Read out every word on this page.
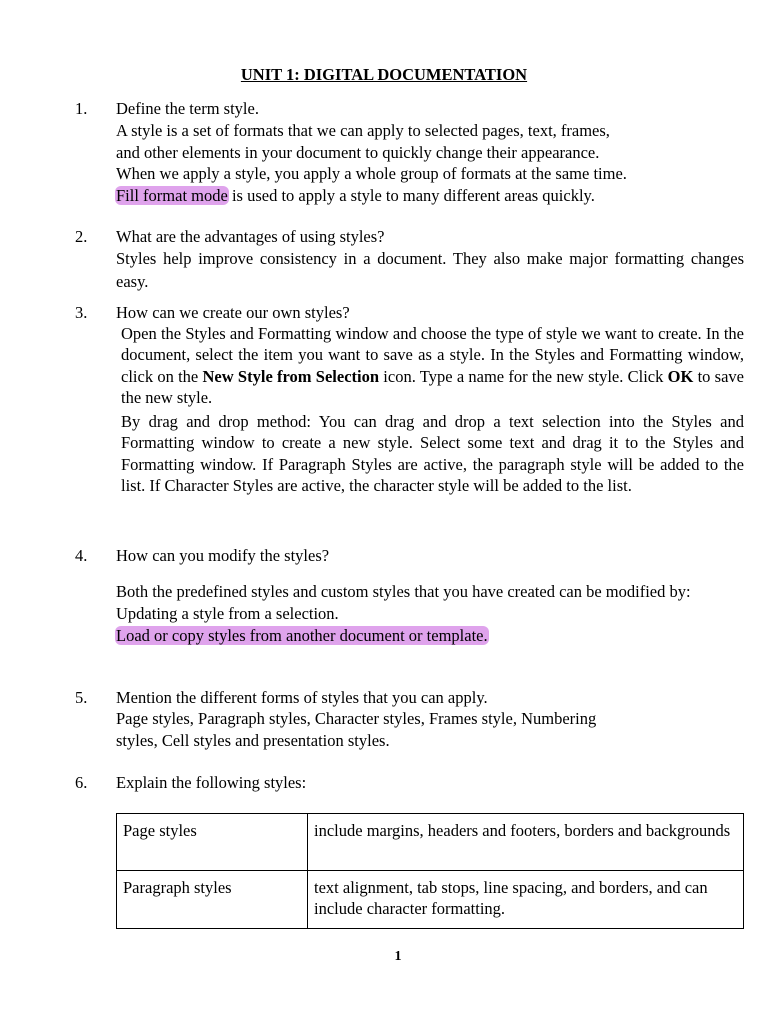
UNIT 1: DIGITAL DOCUMENTATION
1. Define the term style.

A style is a set of formats that we can apply to selected pages, text, frames,

and other elements in your document to quickly change their appearance.

When we apply a style, you apply a whole group of formats at the same time.

Fill format mode is used to apply a style to many different areas quickly.

2. What are the advantages of using styles?
Styles help improve consistency in a document. They also make major formatting changes easy.
3. How can we create our own styles?
Open the Styles and Formatting window and choose the type of style we want to create. In the document, select the item you want to save as a style. In the Styles and Formatting window, click on the New Style from Selection icon. Type a name for the new style. Click OK to save the new style.
By drag and drop method: You can drag and drop a text selection into the Styles and Formatting window to create a new style. Select some text and drag it to the Styles and Formatting window. If Paragraph Styles are active, the paragraph style will be added to the list. If Character Styles are active, the character style will be added to the list.
4. How can you modify the styles?

Both the predefined styles and custom styles that you have created can be modified by:

Updating a style from a selection.

Load or copy styles from another document or template.

5. Mention the different forms of styles that you can apply.

Page styles, Paragraph styles, Character styles, Frames style, Numbering

styles, Cell styles and presentation styles.

6. Explain the following styles:
Page styles	include margins, headers and footers, borders and backgrounds
Paragraph styles	text alignment, tab stops, line spacing, and borders, and can include character formatting.
1
